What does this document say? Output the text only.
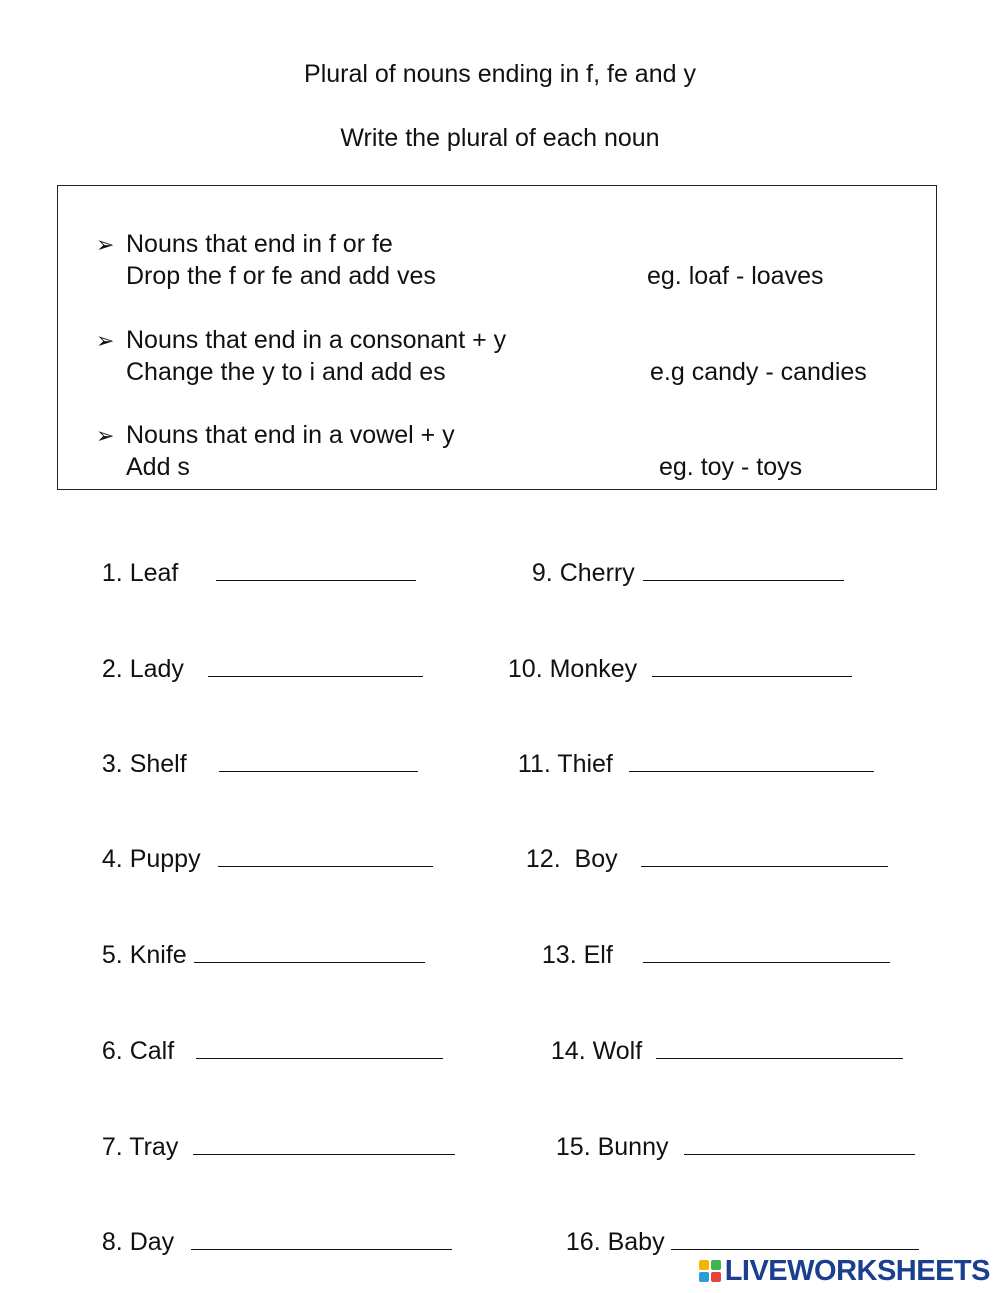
Plural of nouns ending in f, fe and y
Write the plural of each noun
➢ Nouns that end in f or fe
Drop the f or fe and add ves	eg. loaf - loaves
➢ Nouns that end in a consonant + y
Change the y to i and add es	e.g candy - candies
➢ Nouns that end in a vowel + y
Add s	eg. toy - toys

1. Leaf

2. Lady

3. Shelf

4. Puppy

5. Knife

6. Calf

7. Tray

8. Day

9. Cherry

10. Monkey

11. Thief

12.  Boy

13. Elf

14. Wolf

15. Bunny

16. Baby

LIVEWORKSHEETS
